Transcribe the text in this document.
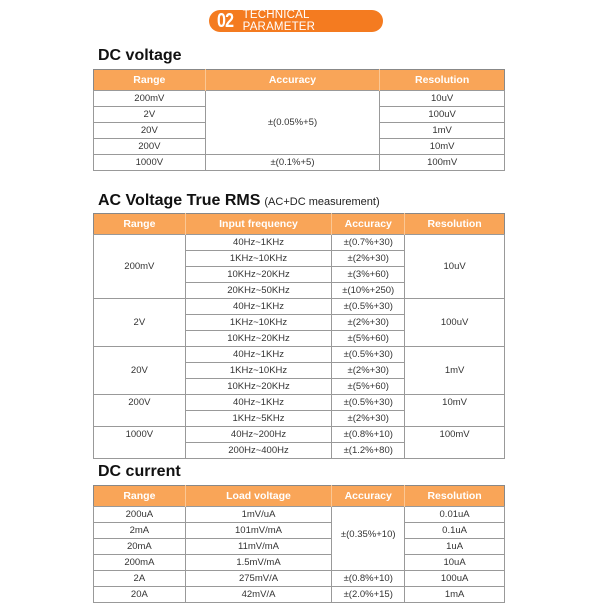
02 TECHNICAL PARAMETER
DC voltage
Range	Accuracy	Resolution
200mV	±(0.05%+5)	10uV
2V		100uV
20V		1mV
200V		10mV
1000V	±(0.1%+5)	100mV
AC Voltage True RMS (AC+DC measurement)
Range	Input frequency	Accuracy	Resolution
200mV	40Hz~1KHz	±(0.7%+30)	10uV
	1KHz~10KHz	±(2%+30)	
	10KHz~20KHz	±(3%+60)	
	20KHz~50KHz	±(10%+250)	
2V	40Hz~1KHz	±(0.5%+30)	100uV
	1KHz~10KHz	±(2%+30)	
	10KHz~20KHz	±(5%+60)	
20V	40Hz~1KHz	±(0.5%+30)	1mV
	1KHz~10KHz	±(2%+30)	
	10KHz~20KHz	±(5%+60)	
200V	40Hz~1KHz	±(0.5%+30)	10mV
	1KHz~5KHz	±(2%+30)	
1000V	40Hz~200Hz	±(0.8%+10)	100mV
	200Hz~400Hz	±(1.2%+80)	
DC current
Range	Load voltage	Accuracy	Resolution
200uA	1mV/uA	±(0.35%+10)	0.01uA
2mA	101mV/mA		0.1uA
20mA	11mV/mA		1uA
200mA	1.5mV/mA		10uA
2A	275mV/A	±(0.8%+10)	100uA
20A	42mV/A	±(2.0%+15)	1mA
